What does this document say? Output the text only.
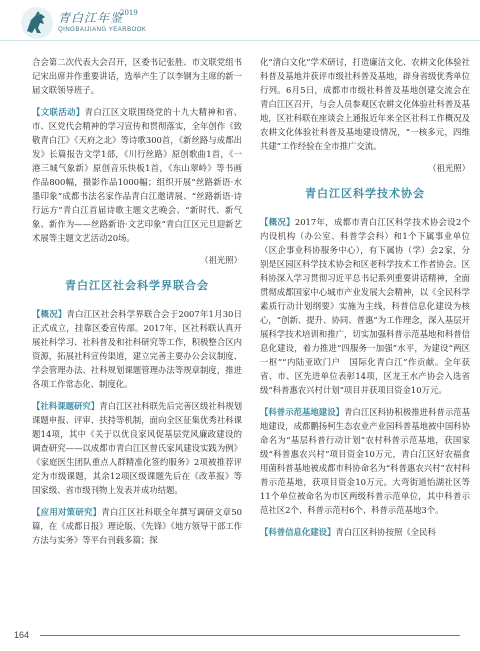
青白江年鉴
2019
QINGBAIJIANG YEARBOOK

合会第二次代表大会召开，区委书记张胜、市文联党组书记宋出席并作重要讲话，选举产生了以李钢为主席的新一届文联领导班子。

【文联活动】青白江区文联围绕党的十九大精神和省、市、区党代会精神的学习宣传和贯彻落实，全年创作《致敬青白江》《天府之北》等诗歌300首，《新丝路与成都出发》长篇报告文学1部，《川行丝路》原创歌曲1首，《一港三城气象新》原创音乐快板1首，《东山翠岭》等书画作品800幅，摄影作品1000幅；组织开展“丝路新语·水墨印象”成都书法名家作品青白江邀请展、“丝路新语·诗行远方”青白江首届诗歌主题文艺晚会、“新时代、新气象、新作为——丝路新语·文艺印象”青白江区元旦迎新艺术展等主题文艺活动20场。

（祖光照）

青白江区社会科学界联合会

【概况】青白江区社会科学界联合会于2007年1月30日正式成立，挂靠区委宣传部。2017年，区社科联认真开展社科学习、社科普及和社科研究等工作，积极整合区内资源，拓展社科宣传渠道，建立完善主要办公会议制度、学会管理办法、社科规划课题管理办法等规章制度，推进各项工作常态化、制度化。

【社科课题研究】青白江区社科联先后完善区级社科规划课题申报、评审、扶持等机制，面向全区征集优秀社科课题14项，其中《关于以优良家风促基层党风廉政建设的调查研究——以成都市青白江区曾氏家风建设实践为例》《家庭医生团队重点人群精准化签约服务》2项被推荐评定为市级课题，其余12项区级课题先后在《改革报》等国家级、省市级刊物上发表并成功结题。

【应用对策研究】青白江区社科联全年撰写调研文章50篇，在《成都日报》理论版、《先锋》《地方领导干部工作方法与实务》等平台刊载多篇；探

化“清白文化”学术研讨，打造廉洁文化、农耕文化体验社科普及基地并获评市级社科普及基地，辟身省级优秀单位行列。6月5日，成都市市级社科普及基地创建交流会在青白江区召开，与会人员参观区农耕文化体验社科普及基地，区社科联在座谈会上通报近年来全区社科工作概况及农耕文化体验社科普及基地建设情况，“一核多元，四维共建”工作经验在全市推广交流。

（祖光照）

青白江区科学技术协会

【概况】2017年，成都市青白江区科学技术协会设2个内设机构（办公室、科普学会科）和1个下属事业单位（区企事业科协服务中心），有下属协（学）会2家，分别是区园区科学技术协会和区老科学技术工作者协会。区科协深入学习贯彻习近平总书记系列重要讲话精神，全面贯彻成都国家中心城市产业发展大会精神，以《全民科学素质行动计划纲要》实施为主线，科普信息化建设为核心，“创新、提升、协同、普惠”为工作理念，深入基层开展科学技术培训和推广，切实加强科普示范基地和科普信息化建设，着力推进“四服务一加强”水平，为建设“两区一枢”“内陆亚欧门户　国际化青白江”作贡献。全年获省、市、区先进单位表彰14项，区龙王水产协会入选省级“科普惠农兴村计划”项目并获项目资金10万元。

【科普示范基地建设】青白江区科协积极推进科普示范基地建设，成都鹏扬柯生态农业产业园科普基地被中国科协命名为“基层科普行动计划”农村科普示范基地，获国家级“科普惠农兴村”项目资金10万元，青白江区好农福食用菌科普基地被成都市科协命名为“科普惠农兴村”农村科普示范基地，获项目资金10万元。大弯街道怡湖社区等11个单位被命名为市区两级科普示范单位，其中科普示范社区2个、科普示范村6个、科普示范基地3个。

【科普信息化建设】青白江区科协按照《全民科

164
